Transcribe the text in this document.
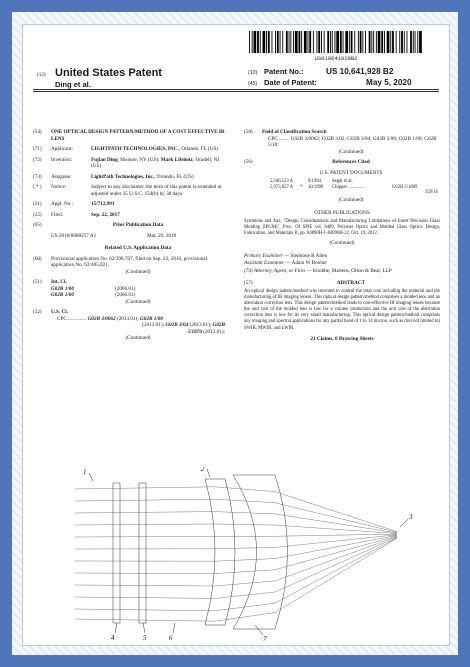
US010641928B2
(12) United States Patent
Ding et al.
(10) Patent No.:	US 10,641,928 B2
(45) Date of Patent:	May 5, 2020
(54)	ONE OPTICAL DESIGN PATTERN/METHOD OF A COST EFFECTIVE IR LENS
(71)	Applicant:	LIGHTPATH TECHNOLOGIES, INC., Orlando, FL (US)
(72)	Inventors:	Fujian Ding, Monroe, NY (US); Mark Lifshotz, Oradell, NJ (US)
(73)	Assignee:	LightPath Technologies, Inc., Orlando, FL (US)
( * )	Notice:	Subject to any disclaimer, the term of this patent is extended or adjusted under 35 U.S.C. 154(b) by 38 days.
(21)	Appl. No.:	15/712,991
(22)	Filed:	Sep. 22, 2017
(65)	Prior Publication Data
US 2018/0088257 A1	Mar. 29, 2018
Related U.S. Application Data
(60)	Provisional application No. 62/398,707, filed on Sep. 23, 2016, provisional application No. 62/485,821,
(Continued)
(51)	Int. Cl.
G02B 1/00	(2006.01)
G02B 1/00	(2006.01)
(Continued)
(52)	U.S. Cl.
CPC .............. G02B 3/0062 (2013.01); G02B 1/00
(2013.01); G02B 3/04 (2013.01); G02B
5/1876 (2013.01);
(Continued)
(58)	Field of Classification Search
CPC ........ G02B 3/0062; G02B 3/02; G02B 3/04; G02B 3/08; G02B 1/00; G02B 5/18;
(Continued)
(56)	References Cited
U.S. PATENT DOCUMENTS
5,346,523 A	9/1994	Segal et al.
5,973,827 A	*	10/1999	Chipper ...............	G02B 5/1809
359/16
(Continued)
OTHER PUBLICATIONS
Symmons and Aaz, "Design Considerations and Manufacturing Limitations of Insert Precision Glass Molding (IPGM)", Proc. Of SPIE vol. 8489, Polymer Optics and Molded Glass Optics: Design, Fabrication, and Materials II, pp. 84890H-1-84890H-22, Oct. 19, 2012.
(Continued)
Primary Examiner — Stephone B Allen
Assistant Examiner — Adam W Booher
(74) Attorney, Agent, or Firm — Knobbe, Martens, Olson & Bear, LLP
(57)	ABSTRACT
An optical design pattern/method was invented to control the total cost including the material and the manufacturing of IR imaging lenses. This optical design pattern/method comprises a molded lens and an aberration correction lens. This design pattern/method leads to cost-effective IR imaging lenses because the unit cost of the molded lens is low for a volume production and the unit cost of the aberration correction lens is low for its very small manufacturing. This optical design pattern/method comprises any imaging and spectral applications for any partial band of 1 to 14 micron, such as (but not limited to) SWIR, MWIR, and LWIR.
21 Claims, 8 Drawing Sheets
1	2
3
4	5	6	7
